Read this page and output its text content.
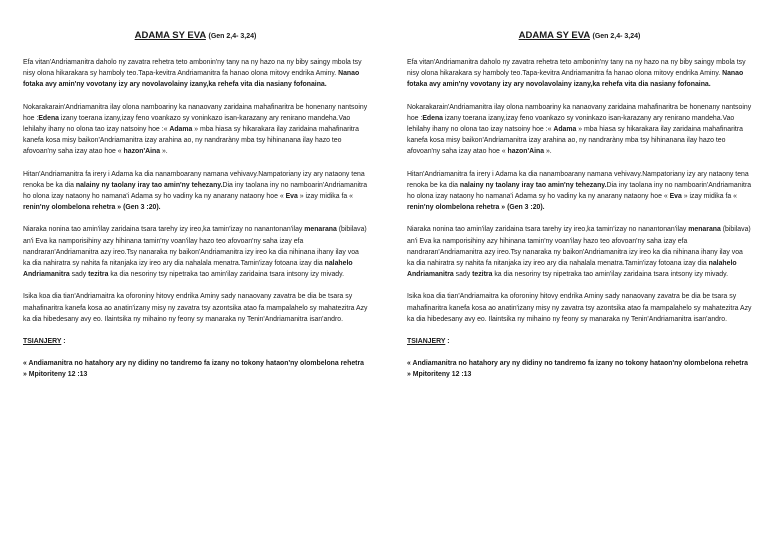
ADAMA SY EVA (Gen 2,4- 3,24)

Efa vitan'Andriamanitra daholo ny zavatra rehetra teto ambonin'ny tany na ny hazo na ny biby saingy mbola tsy nisy olona hikarakara sy hamboly teo.Tapa-kevitra Andriamanitra fa hanao olona mitovy endrika Aminy. Nanao fotaka avy amin'ny vovotany izy ary novolavolainy izany,ka rehefa vita dia nasiany fofonaina.

Nokarakarain'Andriamanitra ilay olona namboariny ka nanaovany zaridaina mahafinaritra be honenany nantsoiny hoe :Edena izany toerana izany,izay feno voankazo sy voninkazo isan-karazany ary renirano mandeha.Vao lehilahy ihany no olona tao izay natsoiny hoe :« Adama » mba hiasa sy hikarakara ilay zaridaina mahafinaritra kanefa kosa misy baikon'Andriamanitra izay arahina ao, ny nandraràny mba tsy hihinanana ilay hazo teo afovoan'ny saha izay atao hoe « hazon'Aina ».

Hitan'Andriamanitra fa irery i Adama ka dia nanamboarany namana vehivavy.Nampatoriany izy ary nataony tena renoka be ka dia nalainy ny taolany iray tao amin'ny tehezany.Dia iny taolana iny no namboarin'Andriamanitra ho olona izay nataony ho namana'i Adama sy ho vadiny ka ny anarany nataony hoe « Eva » izay midika fa « renin'ny olombelona rehetra » (Gen 3 :20).

Niaraka nonina tao amin'ilay zaridaina tsara tarehy izy ireo,ka tamin'izay no nanantonan'ilay menarana (bibilava) an'i Eva ka namporisihiny azy hihinana tamin'ny voan'ilay hazo teo afovoan'ny saha izay efa nandraran'Andriamanitra azy ireo.Tsy nanaraka ny baikon'Andriamanitra izy ireo ka dia nihinana ihany ilay voa ka dia nahiratra sy nahita fa nitanjaka izy ireo ary dia nahalala menatra.Tamin'izay fotoana izay dia nalahelo Andriamanitra sady tezitra ka dia nesoriny tsy nipetraka tao amin'ilay zaridaina tsara intsony izy mivady.

Isika koa dia tian'Andriamaitra ka oforoniny hitovy endrika Aminy sady nanaovany zavatra be dia be tsara sy mahafinaritra kanefa kosa ao anatin'izany misy ny zavatra tsy azontsika atao fa mampalahelo sy mahatezitra Azy ka dia hibedesany avy eo. Ilaintsika ny mihaino ny feony sy manaraka ny Tenin'Andriamanitra isan'andro.

TSIANJERY :

« Andiamanitra no hatahory ary ny didiny no tandremo fa izany no tokony hataon'ny olombelona rehetra » Mpitoriteny 12 :13

ADAMA SY EVA (Gen 2,4- 3,24)

Efa vitan'Andriamanitra daholo ny zavatra rehetra teto ambonin'ny tany na ny hazo na ny biby saingy mbola tsy nisy olona hikarakara sy hamboly teo.Tapa-kevitra Andriamanitra fa hanao olona mitovy endrika Aminy. Nanao fotaka avy amin'ny vovotany izy ary novolavolainy izany,ka rehefa vita dia nasiany fofonaina.

Nokarakarain'Andriamanitra ilay olona namboariny ka nanaovany zaridaina mahafinaritra be honenany nantsoiny hoe :Edena izany toerana izany,izay feno voankazo sy voninkazo isan-karazany ary renirano mandeha.Vao lehilahy ihany no olona tao izay natsoiny hoe :« Adama » mba hiasa sy hikarakara ilay zaridaina mahafinaritra kanefa kosa misy baikon'Andriamanitra izay arahina ao, ny nandraràny mba tsy hihinanana ilay hazo teo afovoan'ny saha izay atao hoe « hazon'Aina ».

Hitan'Andriamanitra fa irery i Adama ka dia nanamboarany namana vehivavy.Nampatoriany izy ary nataony tena renoka be ka dia nalainy ny taolany iray tao amin'ny tehezany.Dia iny taolana iny no namboarin'Andriamanitra ho olona izay nataony ho namana'i Adama sy ho vadiny ka ny anarany nataony hoe « Eva » izay midika fa « renin'ny olombelona rehetra » (Gen 3 :20).

Niaraka nonina tao amin'ilay zaridaina tsara tarehy izy ireo,ka tamin'izay no nanantonan'ilay menarana (bibilava) an'i Eva ka namporisihiny azy hihinana tamin'ny voan'ilay hazo teo afovoan'ny saha izay efa nandraran'Andriamanitra azy ireo.Tsy nanaraka ny baikon'Andriamanitra izy ireo ka dia nihinana ihany ilay voa ka dia nahiratra sy nahita fa nitanjaka izy ireo ary dia nahalala menatra.Tamin'izay fotoana izay dia nalahelo Andriamanitra sady tezitra ka dia nesoriny tsy nipetraka tao amin'ilay zaridaina tsara intsony izy mivady.

Isika koa dia tian'Andriamaitra ka oforoniny hitovy endrika Aminy sady nanaovany zavatra be dia be tsara sy mahafinaritra kanefa kosa ao anatin'izany misy ny zavatra tsy azontsika atao fa mampalahelo sy mahatezitra Azy ka dia hibedesany avy eo. Ilaintsika ny mihaino ny feony sy manaraka ny Tenin'Andriamanitra isan'andro.

TSIANJERY :

« Andiamanitra no hatahory ary ny didiny no tandremo fa izany no tokony hataon'ny olombelona rehetra » Mpitoriteny 12 :13
